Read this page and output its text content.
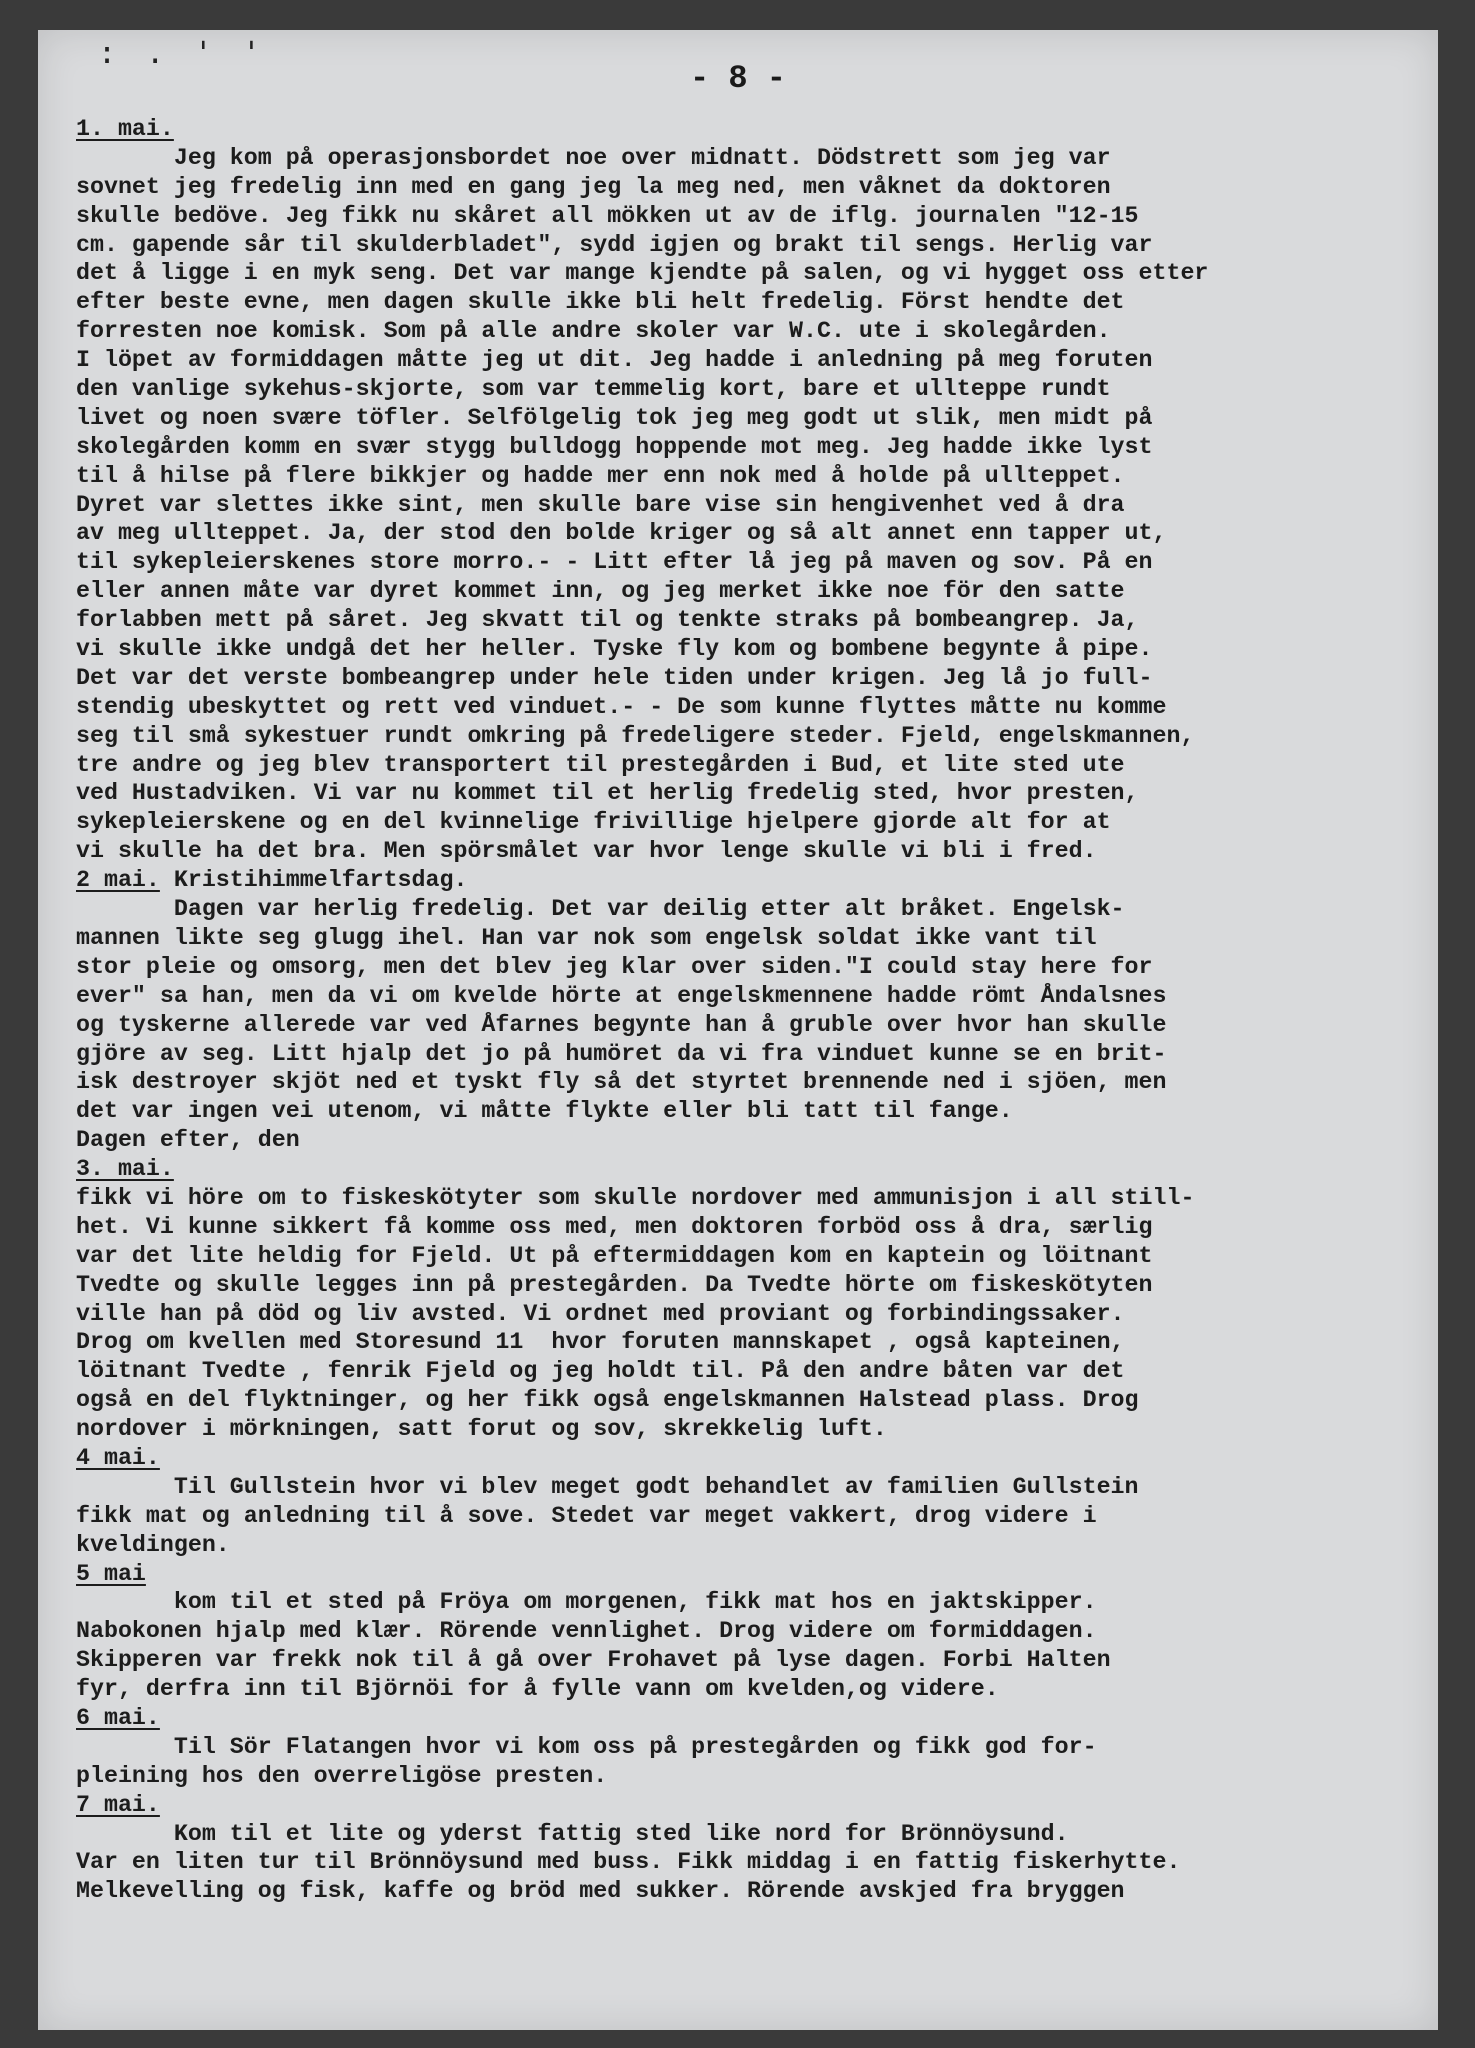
: . ' '
- 8 -
1. mai.
Jeg kom på operasjonsbordet noe over midnatt. Dödstrett som jeg var
sovnet jeg fredelig inn med en gang jeg la meg ned, men våknet da doktoren
skulle bedöve. Jeg fikk nu skåret all mökken ut av de iflg. journalen "12-15
cm. gapende sår til skulderbladet", sydd igjen og brakt til sengs. Herlig var
det å ligge i en myk seng. Det var mange kjendte på salen, og vi hygget oss etter
efter beste evne, men dagen skulle ikke bli helt fredelig. Först hendte det
forresten noe komisk. Som på alle andre skoler var W.C. ute i skolegården.
I löpet av formiddagen måtte jeg ut dit. Jeg hadde i anledning på meg foruten
den vanlige sykehus-skjorte, som var temmelig kort, bare et ullteppe rundt
livet og noen svære töfler. Selfölgelig tok jeg meg godt ut slik, men midt på
skolegården komm en svær stygg bulldogg hoppende mot meg. Jeg hadde ikke lyst
til å hilse på flere bikkjer og hadde mer enn nok med å holde på ullteppet.
Dyret var slettes ikke sint, men skulle bare vise sin hengivenhet ved å dra
av meg ullteppet. Ja, der stod den bolde kriger og så alt annet enn tapper ut,
til sykepleierskenes store morro.- - Litt efter lå jeg på maven og sov. På en
eller annen måte var dyret kommet inn, og jeg merket ikke noe för den satte
forlabben mett på såret. Jeg skvatt til og tenkte straks på bombeangrep. Ja,
vi skulle ikke undgå det her heller. Tyske fly kom og bombene begynte å pipe.
Det var det verste bombeangrep under hele tiden under krigen. Jeg lå jo full-
stendig ubeskyttet og rett ved vinduet.- - De som kunne flyttes måtte nu komme
seg til små sykestuer rundt omkring på fredeligere steder. Fjeld, engelskmannen,
tre andre og jeg blev transportert til prestegården i Bud, et lite sted ute
ved Hustadviken. Vi var nu kommet til et herlig fredelig sted, hvor presten,
sykepleierskene og en del kvinnelige frivillige hjelpere gjorde alt for at
vi skulle ha det bra. Men spörsmålet var hvor lenge skulle vi bli i fred.
2 mai. Kristihimmelfartsdag.
Dagen var herlig fredelig. Det var deilig etter alt bråket. Engelsk-
mannen likte seg glugg ihel. Han var nok som engelsk soldat ikke vant til
stor pleie og omsorg, men det blev jeg klar over siden."I could stay here for
ever" sa han, men da vi om kvelde hörte at engelskmennene hadde römt Åndalsnes
og tyskerne allerede var ved Åfarnes begynte han å gruble over hvor han skulle
gjöre av seg. Litt hjalp det jo på humöret da vi fra vinduet kunne se en brit-
isk destroyer skjöt ned et tyskt fly så det styrtet brennende ned i sjöen, men
det var ingen vei utenom, vi måtte flykte eller bli tatt til fange.
Dagen efter, den
3. mai.
fikk vi höre om to fiskeskötyter som skulle nordover med ammunisjon i all still-
het. Vi kunne sikkert få komme oss med, men doktoren forböd oss å dra, særlig
var det lite heldig for Fjeld. Ut på eftermiddagen kom en kaptein og löitnant
Tvedte og skulle legges inn på prestegården. Da Tvedte hörte om fiskeskötyten
ville han på död og liv avsted. Vi ordnet med proviant og forbindingssaker.
Drog om kvellen med Storesund 11  hvor foruten mannskapet , også kapteinen,
löitnant Tvedte , fenrik Fjeld og jeg holdt til. På den andre båten var det
også en del flyktninger, og her fikk også engelskmannen Halstead plass. Drog
nordover i mörkningen, satt forut og sov, skrekkelig luft.
4 mai.
Til Gullstein hvor vi blev meget godt behandlet av familien Gullstein
fikk mat og anledning til å sove. Stedet var meget vakkert, drog videre i
kveldingen.
5 mai
kom til et sted på Fröya om morgenen, fikk mat hos en jaktskipper.
Nabokonen hjalp med klær. Rörende vennlighet. Drog videre om formiddagen.
Skipperen var frekk nok til å gå over Frohavet på lyse dagen. Forbi Halten
fyr, derfra inn til Björnöi for å fylle vann om kvelden,og videre.
6 mai.
Til Sör Flatangen hvor vi kom oss på prestegården og fikk god for-
pleining hos den overreligöse presten.
7 mai.
Kom til et lite og yderst fattig sted like nord for Brönnöysund.
Var en liten tur til Brönnöysund med buss. Fikk middag i en fattig fiskerhytte.
Melkevelling og fisk, kaffe og bröd med sukker. Rörende avskjed fra bryggen
